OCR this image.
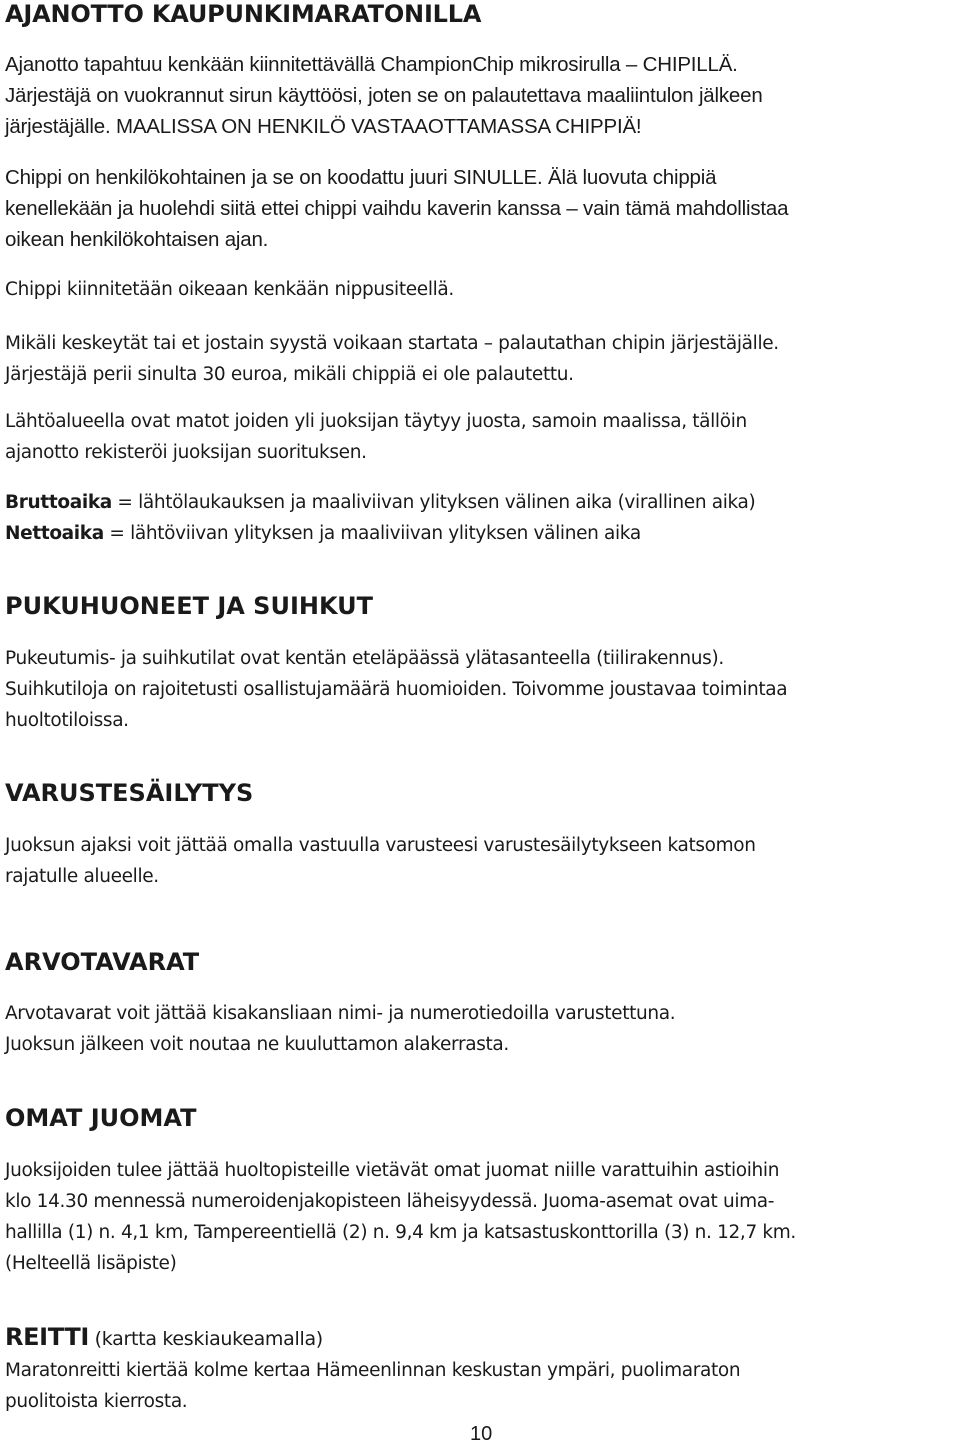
AJANOTTO KAUPUNKIMARATONILLA

Ajanotto tapahtuu kenkään kiinnitettävällä ChampionChip mikrosirulla – CHIPILLÄ.
Järjestäjä on vuokrannut sirun käyttöösi, joten se on palautettava maaliintulon jälkeen
järjestäjälle. MAALISSA ON HENKILÖ VASTAAOTTAMASSA CHIPPIÄ!

Chippi on henkilökohtainen ja se on koodattu juuri SINULLE. Älä luovuta chippiä
kenellekään ja huolehdi siitä ettei chippi vaihdu kaverin kanssa – vain tämä mahdollistaa
oikean henkilökohtaisen ajan.

Chippi kiinnitetään oikeaan kenkään nippusiteellä.

Mikäli keskeytät tai et jostain syystä voikaan startata – palautathan chipin järjestäjälle.
Järjestäjä perii sinulta 30 euroa, mikäli chippiä ei ole palautettu.

Lähtöalueella ovat matot joiden yli juoksijan täytyy juosta, samoin maalissa, tällöin
ajanotto rekisteröi juoksijan suorituksen.

Bruttoaika = lähtölaukauksen ja maaliviivan ylityksen välinen aika (virallinen aika)
Nettoaika = lähtöviivan ylityksen ja maaliviivan ylityksen välinen aika

PUKUHUONEET JA SUIHKUT

Pukeutumis- ja suihkutilat ovat kentän eteläpäässä ylätasanteella (tiilirakennus).
Suihkutiloja on rajoitetusti osallistujamäärä huomioiden. Toivomme joustavaa toimintaa
huoltotiloissa.

VARUSTESÄILYTYS

Juoksun ajaksi voit jättää omalla vastuulla varusteesi varustesäilytykseen katsomon
rajatulle alueelle.

ARVOTAVARAT

Arvotavarat voit jättää kisakansliaan nimi- ja numerotiedoilla varustettuna.
Juoksun jälkeen voit noutaa ne kuuluttamon alakerrasta.

OMAT JUOMAT

Juoksijoiden tulee jättää huoltopisteille vietävät omat juomat niille varattuihin astioihin
klo 14.30 mennessä numeroidenjakopisteen läheisyydessä. Juoma-asemat ovat uima-
hallilla (1) n. 4,1 km, Tampereentiellä (2) n. 9,4 km ja katsastuskonttorilla (3) n. 12,7 km.
(Helteellä lisäpiste)

REITTI (kartta keskiaukeamalla)
Maratonreitti kiertää kolme kertaa Hämeenlinnan keskustan ympäri, puolimaraton
puolitoista kierrosta.

10
